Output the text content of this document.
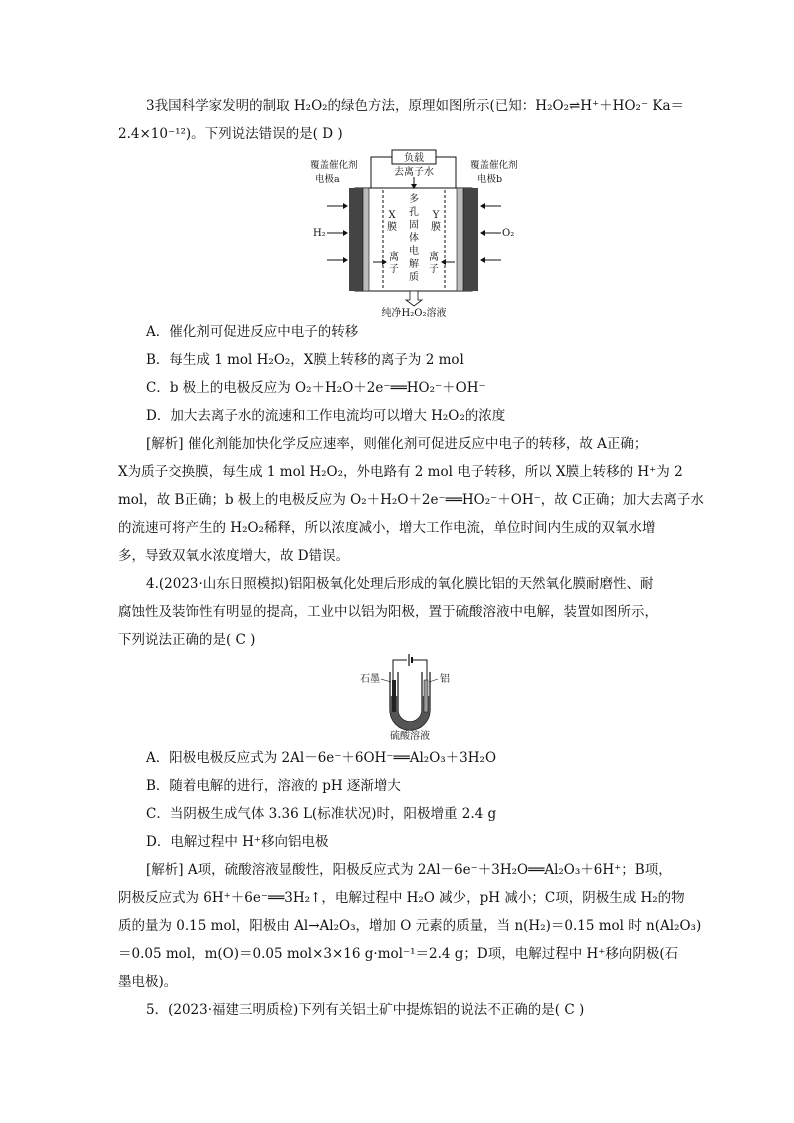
3我国科学家发明的制取 H₂O₂的绿色方法，原理如图所示(已知：H₂O₂⇌H⁺＋HO₂⁻ Ka＝
2.4×10⁻¹²)。下列说法错误的是( D )
负载
去离子水
覆盖催化剂
电极a
覆盖催化剂
电极b
H₂	O₂
X
膜
Y
膜
多
孔
固
体
电
解
质
离
子
离
子
纯净H₂O₂溶液
A．催化剂可促进反应中电子的转移
B．每生成 1 mol H₂O₂，X膜上转移的离子为 2 mol
C．b 极上的电极反应为 O₂＋H₂O＋2e⁻══HO₂⁻＋OH⁻
D．加大去离子水的流速和工作电流均可以增大 H₂O₂的浓度
[解析] 催化剂能加快化学反应速率，则催化剂可促进反应中电子的转移，故 A正确；
X为质子交换膜，每生成 1 mol H₂O₂，外电路有 2 mol 电子转移，所以 X膜上转移的 H⁺为 2
mol，故 B正确；b 极上的电极反应为 O₂＋H₂O＋2e⁻══HO₂⁻＋OH⁻，故 C正确；加大去离子水
的流速可将产生的 H₂O₂稀释，所以浓度减小，增大工作电流，单位时间内生成的双氧水增
多，导致双氧水浓度增大，故 D错误。
4.(2023·山东日照模拟)铝阳极氧化处理后形成的氧化膜比铝的天然氧化膜耐磨性、耐
腐蚀性及装饰性有明显的提高，工业中以铝为阳极，置于硫酸溶液中电解，装置如图所示，
下列说法正确的是( C )
石墨	铝
硫酸溶液
A．阳极电极反应式为 2Al－6e⁻＋6OH⁻══Al₂O₃＋3H₂O
B．随着电解的进行，溶液的 pH 逐渐增大
C．当阴极生成气体 3.36 L(标准状况)时，阳极增重 2.4 g
D．电解过程中 H⁺移向铝电极
[解析] A项，硫酸溶液显酸性，阳极反应式为 2Al－6e⁻＋3H₂O══Al₂O₃＋6H⁺；B项，
阴极反应式为 6H⁺＋6e⁻══3H₂↑，电解过程中 H₂O 减少，pH 减小；C项，阴极生成 H₂的物
质的量为 0.15 mol，阳极由 Al→Al₂O₃，增加 O 元素的质量，当 n(H₂)＝0.15 mol 时 n(Al₂O₃)
＝0.05 mol，m(O)＝0.05 mol×3×16 g·mol⁻¹＝2.4 g；D项，电解过程中 H⁺移向阴极(石
墨电极)。
5．(2023·福建三明质检)下列有关铝土矿中提炼铝的说法不正确的是( C )
